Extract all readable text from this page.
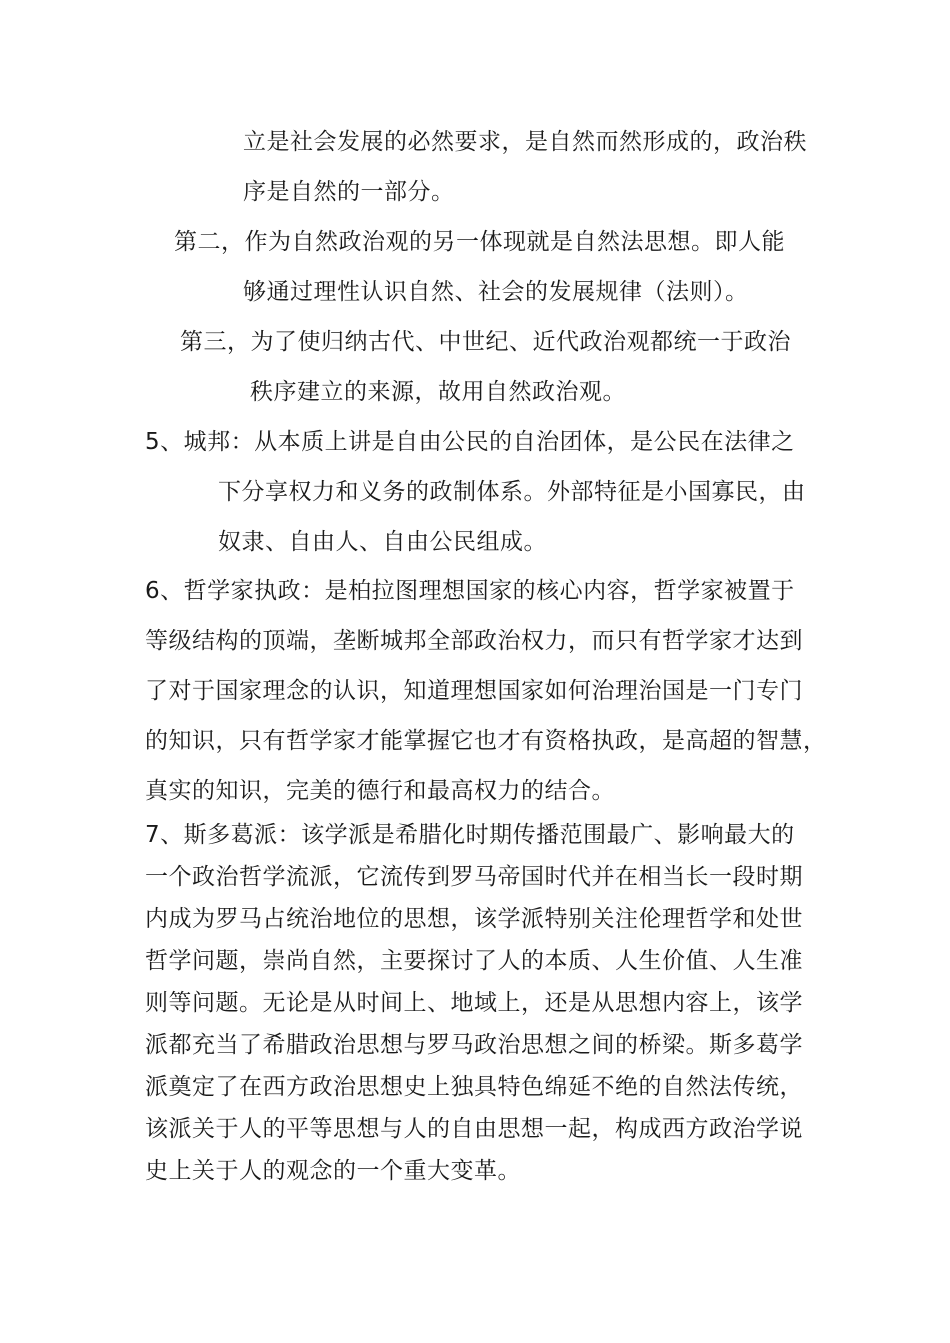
立是社会发展的必然要求，是自然而然形成的，政治秩
序是自然的一部分。
第二，作为自然政治观的另一体现就是自然法思想。即人能
够通过理性认识自然、社会的发展规律（法则）。
第三，为了使归纳古代、中世纪、近代政治观都统一于政治
秩序建立的来源，故用自然政治观。
5、城邦：从本质上讲是自由公民的自治团体，是公民在法律之
下分享权力和义务的政制体系。外部特征是小国寡民，由
奴隶、自由人、自由公民组成。
6、哲学家执政：是柏拉图理想国家的核心内容，哲学家被置于
等级结构的顶端，垄断城邦全部政治权力，而只有哲学家才达到
了对于国家理念的认识，知道理想国家如何治理治国是一门专门
的知识，只有哲学家才能掌握它也才有资格执政，是高超的智慧，
真实的知识，完美的德行和最高权力的结合。
7、斯多葛派：该学派是希腊化时期传播范围最广、影响最大的
一个政治哲学流派，它流传到罗马帝国时代并在相当长一段时期
内成为罗马占统治地位的思想，该学派特别关注伦理哲学和处世
哲学问题，崇尚自然，主要探讨了人的本质、人生价值、人生准
则等问题。无论是从时间上、地域上，还是从思想内容上，该学
派都充当了希腊政治思想与罗马政治思想之间的桥梁。斯多葛学
派奠定了在西方政治思想史上独具特色绵延不绝的自然法传统，
该派关于人的平等思想与人的自由思想一起，构成西方政治学说
史上关于人的观念的一个重大变革。
